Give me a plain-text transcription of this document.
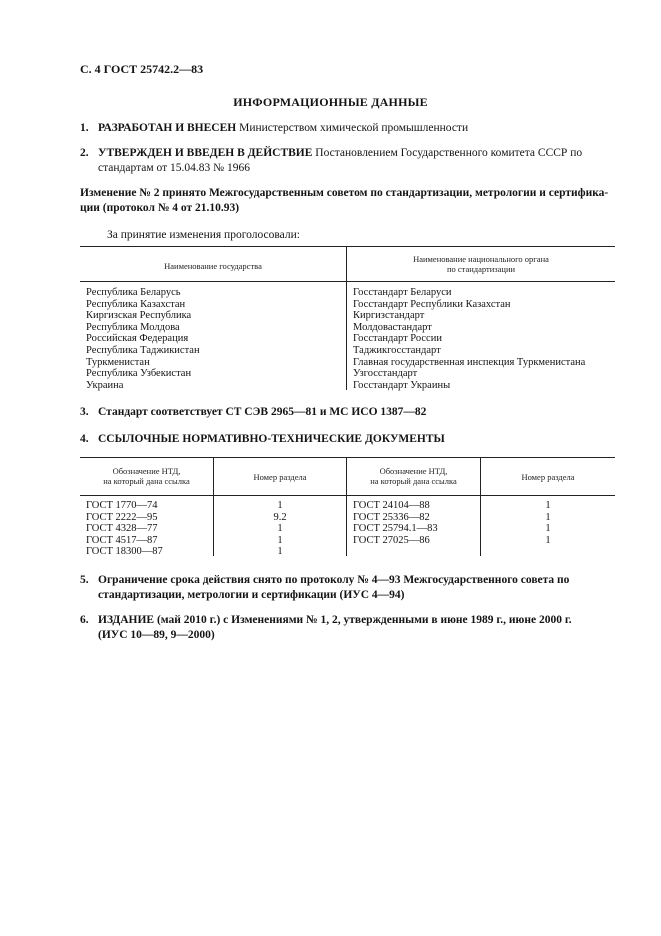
С. 4 ГОСТ 25742.2—83
ИНФОРМАЦИОННЫЕ ДАННЫЕ
1. РАЗРАБОТАН И ВНЕСЕН Министерством химической промышленности
2. УТВЕРЖДЕН И ВВЕДЕН В ДЕЙСТВИЕ Постановлением Государственного комитета СССР по
стандартам от 15.04.83 № 1966
Изменение № 2 принято Межгосударственным советом по стандартизации, метрологии и сертифика-
ции (протокол № 4 от 21.10.93)
За принятие изменения проголосовали:
Наименование государства
Наименование национального органа
по стандартизации
Республика Беларусь
Республика Казахстан
Киргизская Республика
Республика Молдова
Российская Федерация
Республика Таджикистан
Туркменистан
Республика Узбекистан
Украина
Госстандарт Беларуси
Госстандарт Республики Казахстан
Киргизстандарт
Молдовастандарт
Госстандарт России
Таджикгосстандарт
Главная государственная инспекция Туркменистана
Узгосстандарт
Госстандарт Украины
3. Стандарт соответствует СТ СЭВ 2965—81 и МС ИСО 1387—82
4. ССЫЛОЧНЫЕ НОРМАТИВНО-ТЕХНИЧЕСКИЕ ДОКУМЕНТЫ
Обозначение НТД,
на который дана ссылка	Номер раздела
Обозначение НТД,
на который дана ссылка	Номер раздела
ГОСТ 1770—74
ГОСТ 2222—95
ГОСТ 4328—77
ГОСТ 4517—87
ГОСТ 18300—87
1
9.2
1
1
1
ГОСТ 24104—88
ГОСТ 25336—82
ГОСТ 25794.1—83
ГОСТ 27025—86
1
1
1
1
5. Ограничение срока действия снято по протоколу № 4—93 Межгосударственного совета по
стандартизации, метрологии и сертификации (ИУС 4—94)
6. ИЗДАНИЕ (май 2010 г.) с Изменениями № 1, 2, утвержденными в июне 1989 г., июне 2000 г.
(ИУС 10—89, 9—2000)
